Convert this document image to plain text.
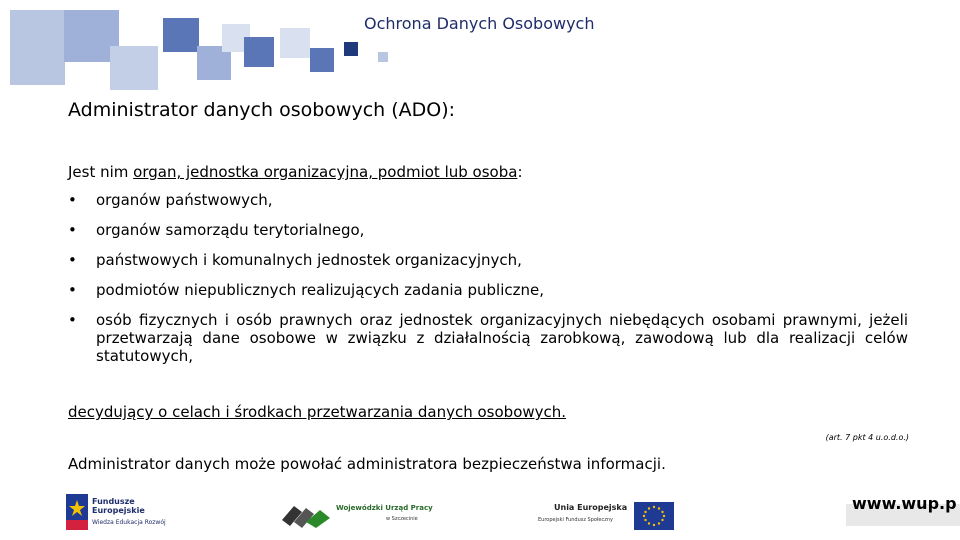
Ochrona Danych Osobowych
Administrator danych osobowych (ADO):
Jest nim organ, jednostka organizacyjna, podmiot lub osoba:
• organów państwowych,
• organów samorządu terytorialnego,
• państwowych i komunalnych jednostek organizacyjnych,
• podmiotów niepublicznych realizujących zadania publiczne,
• osób fizycznych i osób prawnych oraz jednostek organizacyjnych niebędących osobami prawnymi, jeżeli przetwarzają dane osobowe w związku z działalnością zarobkową, zawodową lub dla realizacji celów statutowych,
decydujący o celach i środkach przetwarzania danych osobowych.
(art. 7 pkt 4 u.o.d.o.)
Administrator danych może powołać administratora bezpieczeństwa informacji.
Fundusze
Europejskie
Wiedza Edukacja Rozwój
Wojewódzki Urząd Pracy
w Szczecinie
Unia Europejska
Europejski Fundusz Społeczny
www.wup.p
